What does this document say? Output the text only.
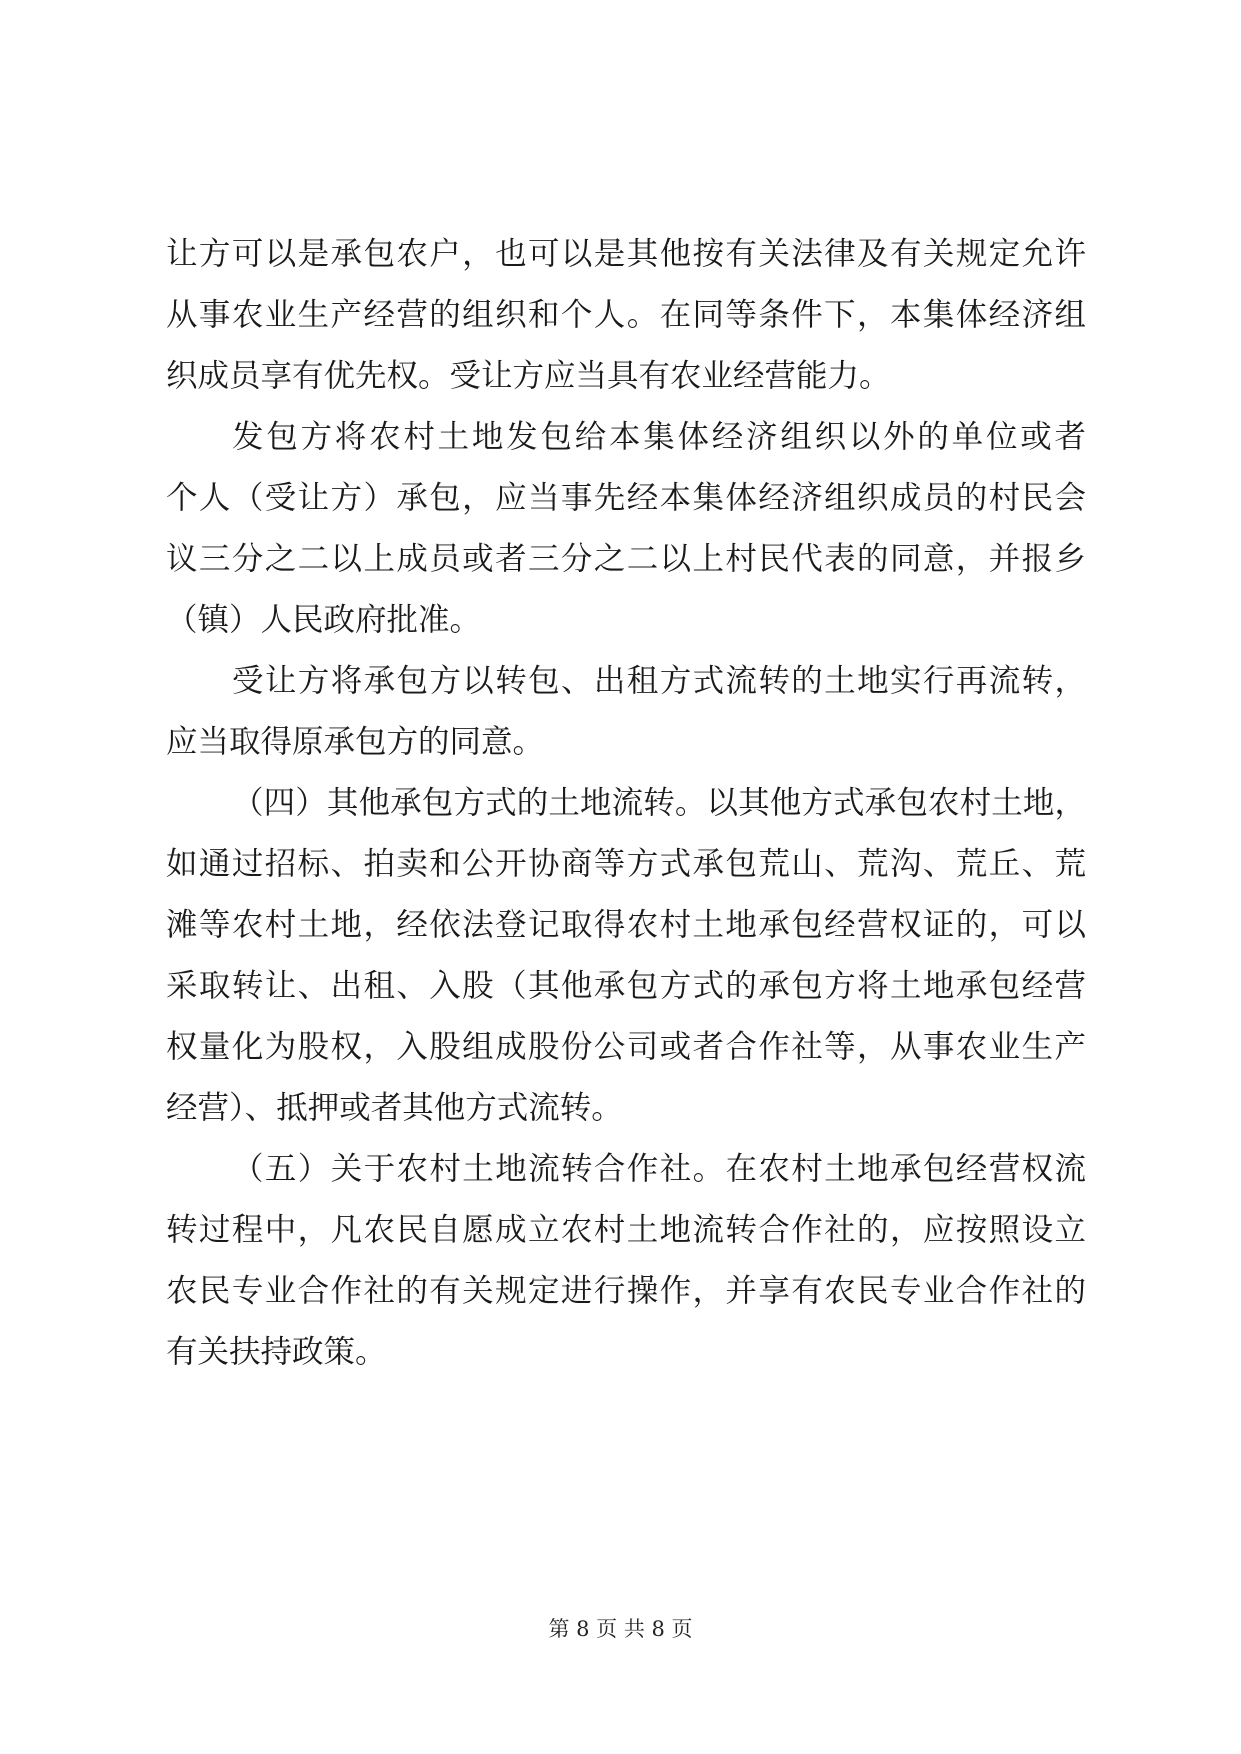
让方可以是承包农户，也可以是其他按有关法律及有关规定允许
从事农业生产经营的组织和个人。在同等条件下，本集体经济组
织成员享有优先权。受让方应当具有农业经营能力。
发包方将农村土地发包给本集体经济组织以外的单位或者
个人（受让方）承包，应当事先经本集体经济组织成员的村民会
议三分之二以上成员或者三分之二以上村民代表的同意，并报乡
（镇）人民政府批准。
受让方将承包方以转包、出租方式流转的土地实行再流转，
应当取得原承包方的同意。
（四）其他承包方式的土地流转。以其他方式承包农村土地，
如通过招标、拍卖和公开协商等方式承包荒山、荒沟、荒丘、荒
滩等农村土地，经依法登记取得农村土地承包经营权证的，可以
采取转让、出租、入股（其他承包方式的承包方将土地承包经营
权量化为股权，入股组成股份公司或者合作社等，从事农业生产
经营）、抵押或者其他方式流转。
（五）关于农村土地流转合作社。在农村土地承包经营权流
转过程中，凡农民自愿成立农村土地流转合作社的，应按照设立
农民专业合作社的有关规定进行操作，并享有农民专业合作社的
有关扶持政策。
第 8 页 共 8 页
